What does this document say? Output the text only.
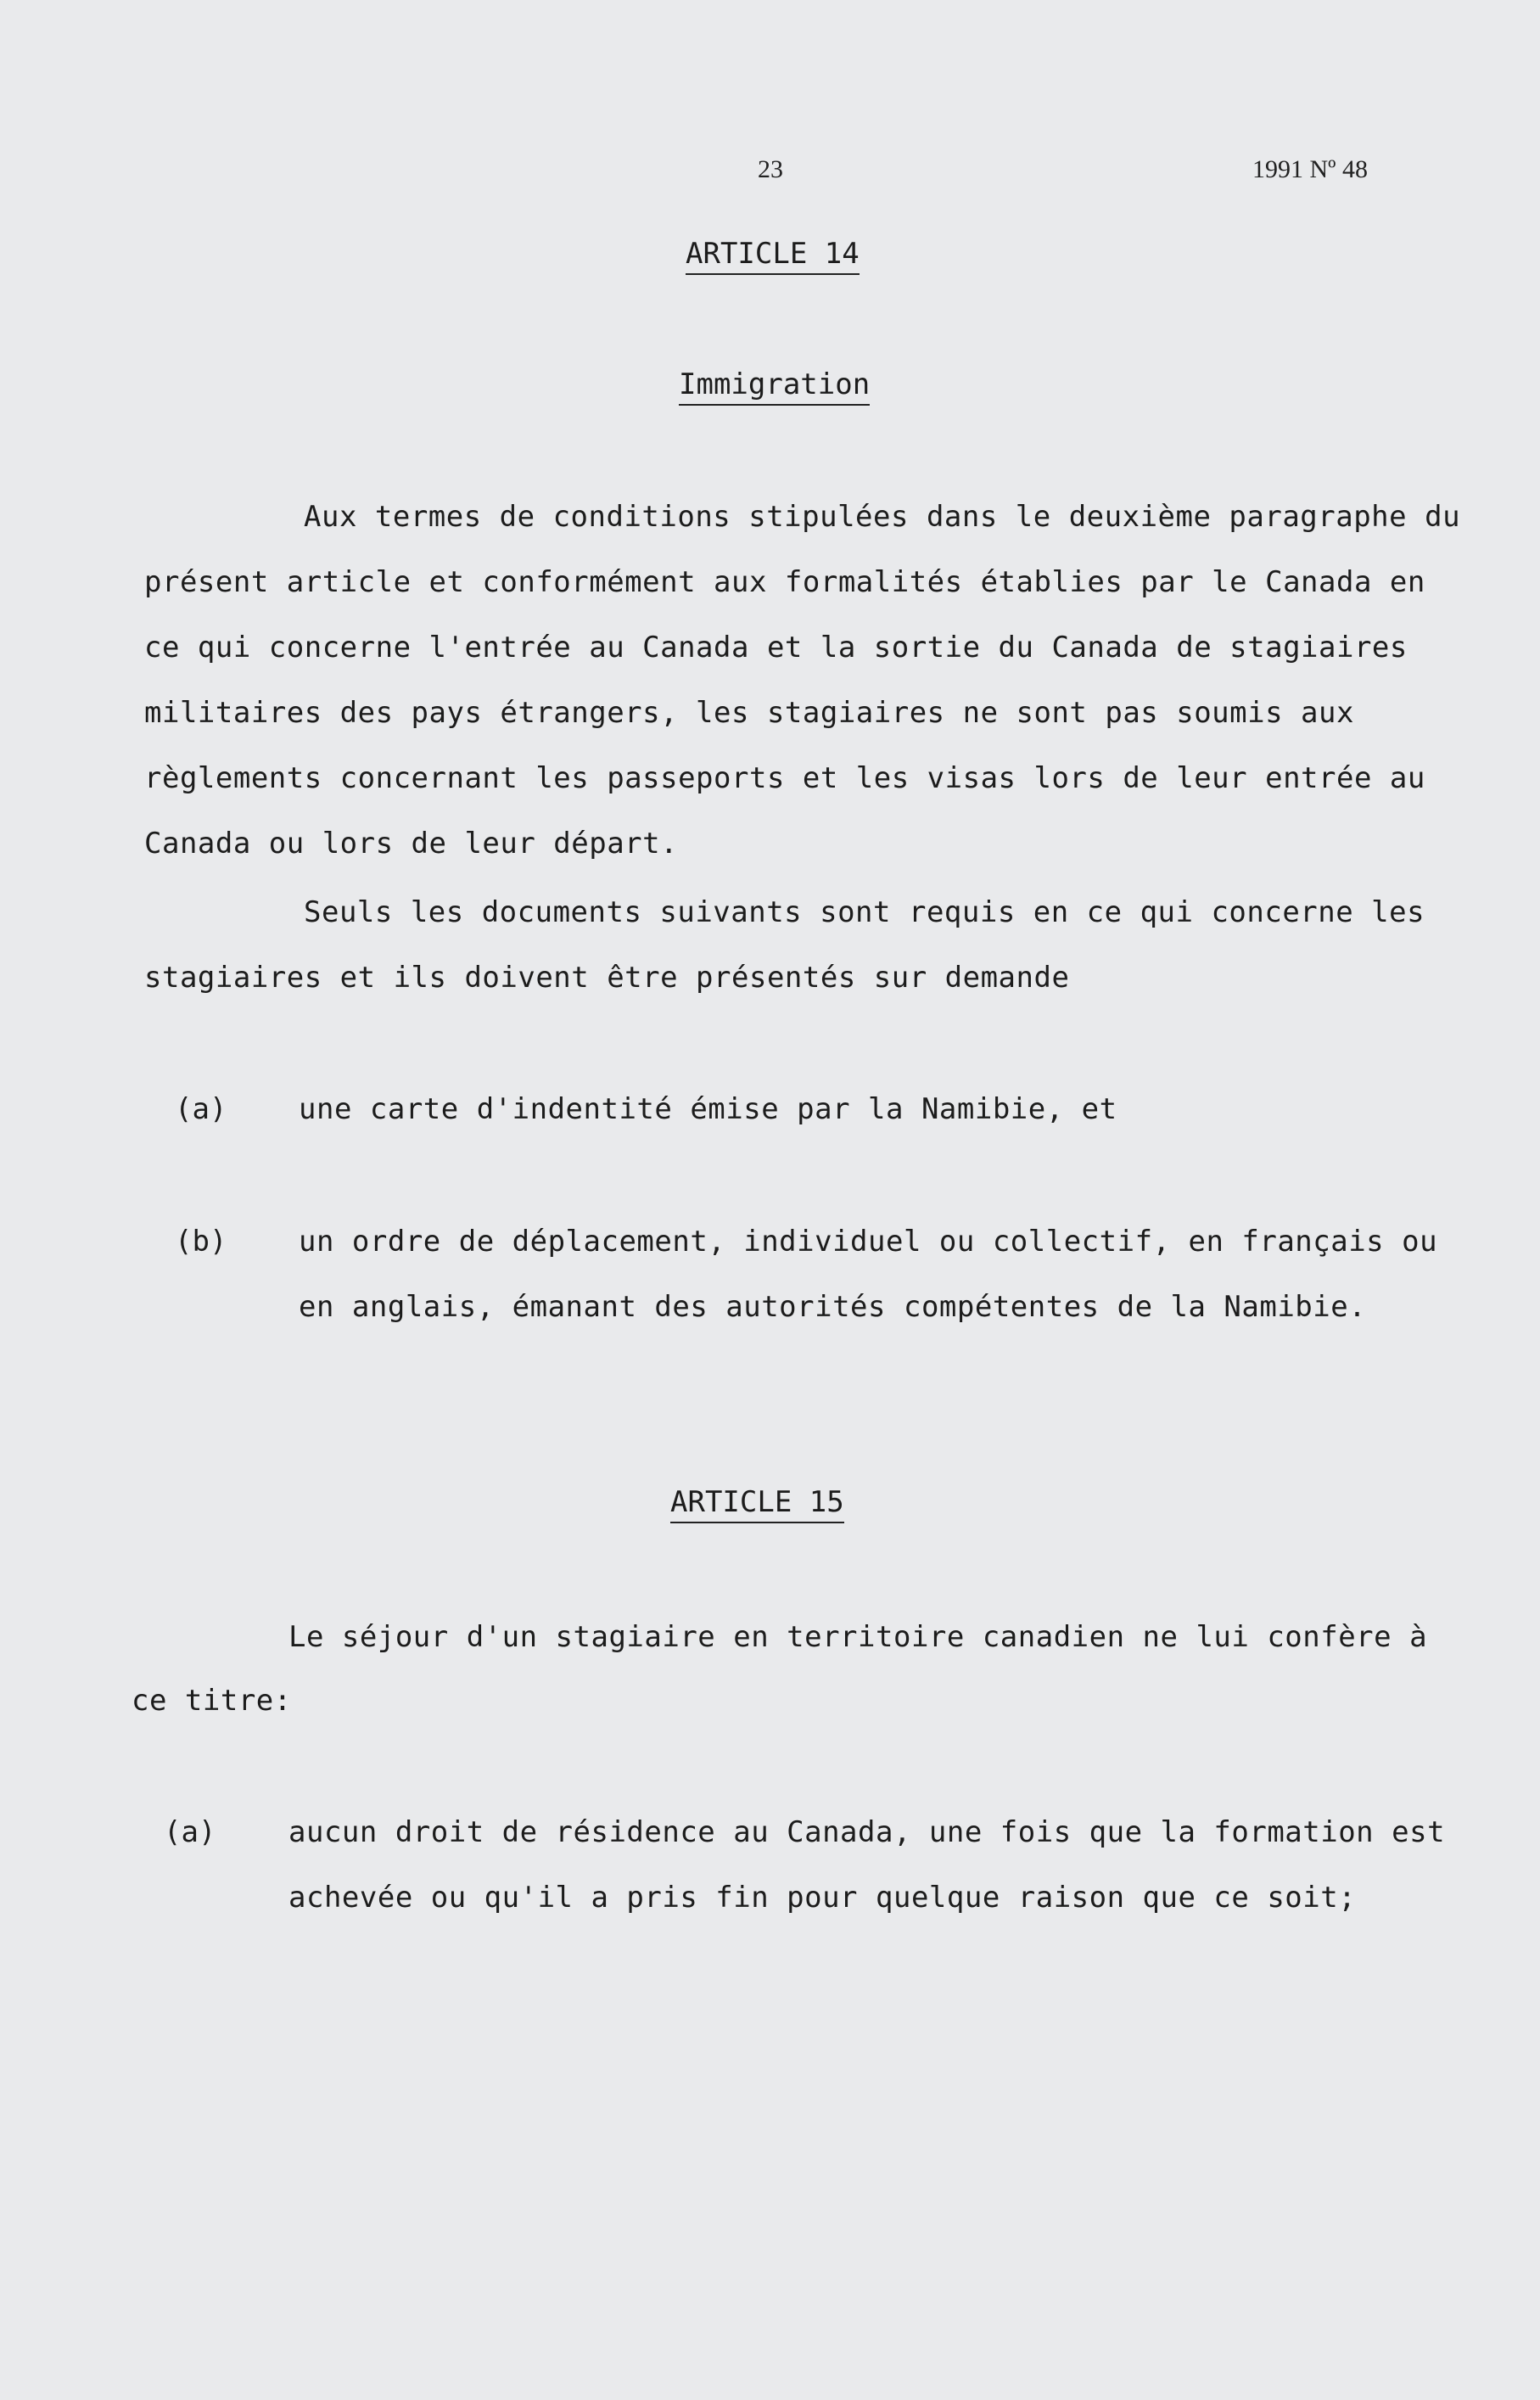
23	1991 Nº 48
ARTICLE 14
Immigration
Aux termes de conditions stipulées dans le deuxième paragraphe du
présent article et conformément aux formalités établies par le Canada en
ce qui concerne l'entrée au Canada et la sortie du Canada de stagiaires
militaires des pays étrangers, les stagiaires ne sont pas soumis aux
règlements concernant les passeports et les visas lors de leur entrée au
Canada ou lors de leur départ.
Seuls les documents suivants sont requis en ce qui concerne les
stagiaires et ils doivent être présentés sur demande
(a) une carte d'indentité émise par la Namibie, et
(b) un ordre de déplacement, individuel ou collectif, en français ou
en anglais, émanant des autorités compétentes de la Namibie.
ARTICLE 15
Le séjour d'un stagiaire en territoire canadien ne lui confère à
ce titre:
(a)	aucun droit de résidence au Canada, une fois que la formation est
achevée ou qu'il a pris fin pour quelque raison que ce soit;
